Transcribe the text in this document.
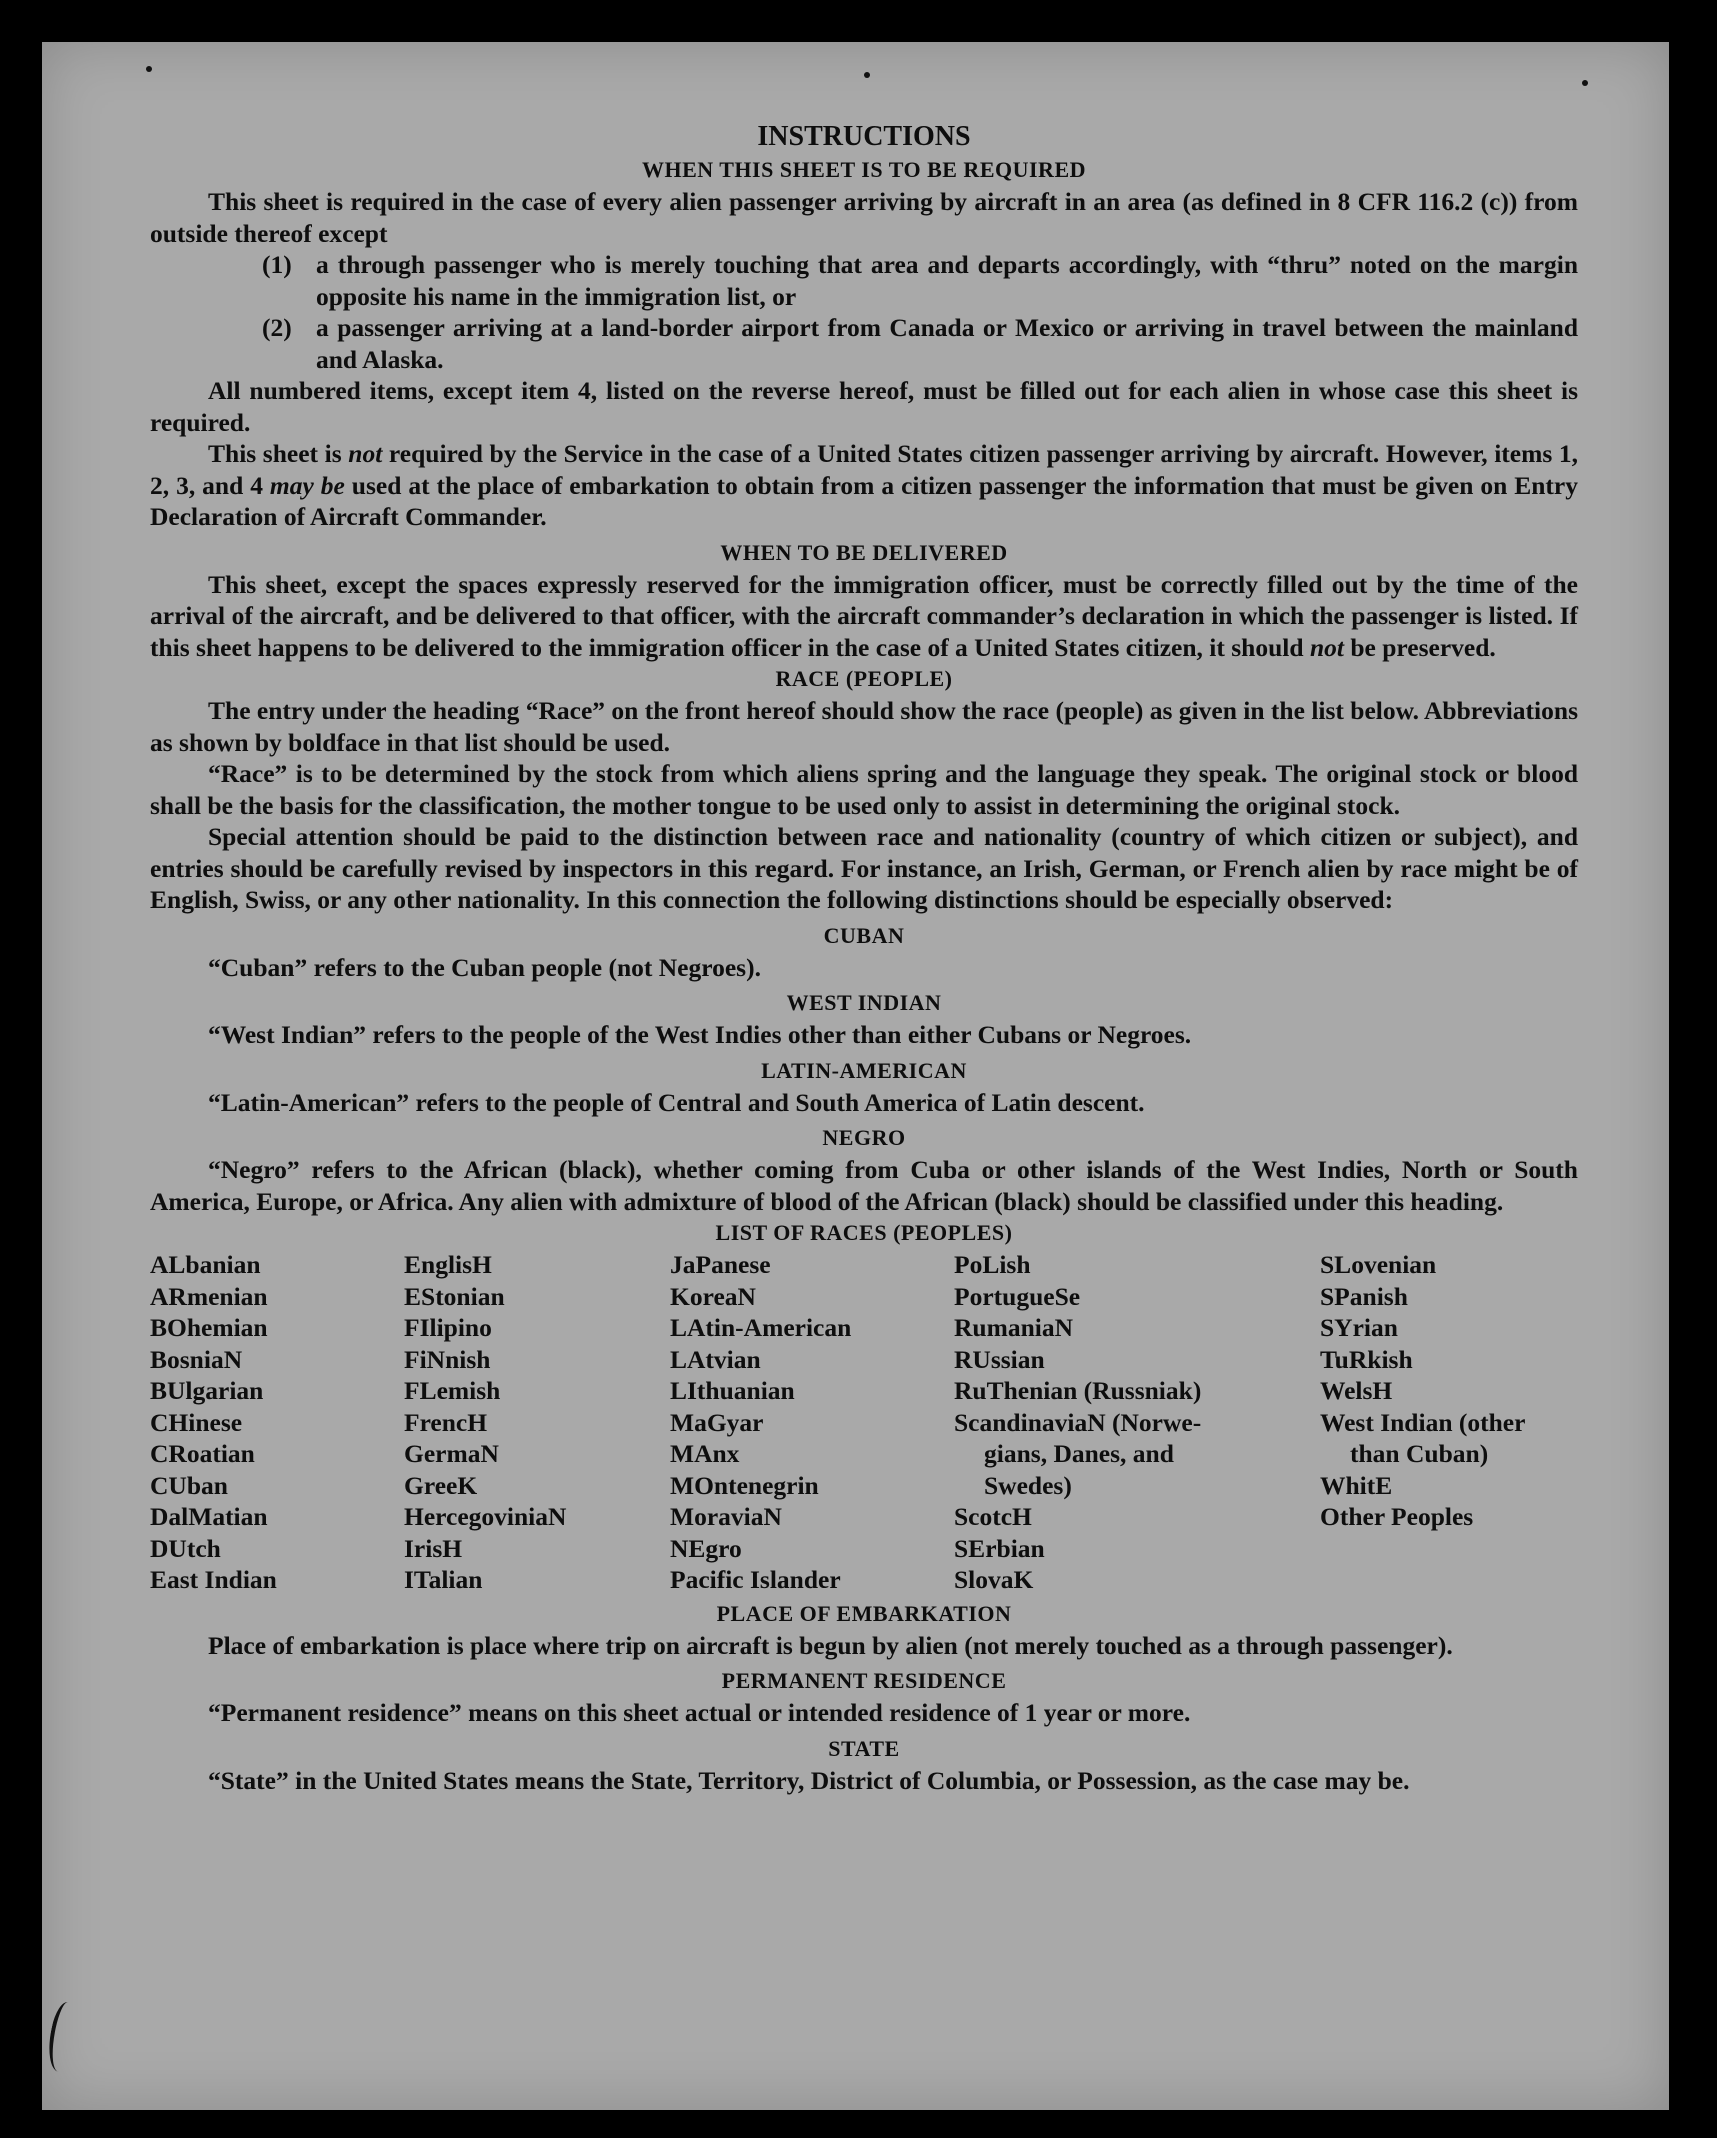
INSTRUCTIONS
WHEN THIS SHEET IS TO BE REQUIRED

This sheet is required in the case of every alien passenger arriving by aircraft in an area (as defined in 8 CFR 116.2 (c)) from outside thereof except

(1) a through passenger who is merely touching that area and departs accordingly, with “thru” noted on the margin opposite his name in the immigration list, or
(2) a passenger arriving at a land-border airport from Canada or Mexico or arriving in travel between the mainland and Alaska.

All numbered items, except item 4, listed on the reverse hereof, must be filled out for each alien in whose case this sheet is required.

This sheet is not required by the Service in the case of a United States citizen passenger arriving by aircraft. However, items 1, 2, 3, and 4 may be used at the place of embarkation to obtain from a citizen passenger the information that must be given on Entry Declaration of Aircraft Commander.

WHEN TO BE DELIVERED

This sheet, except the spaces expressly reserved for the immigration officer, must be correctly filled out by the time of the arrival of the aircraft, and be delivered to that officer, with the aircraft commander’s declaration in which the passenger is listed. If this sheet happens to be delivered to the immigration officer in the case of a United States citizen, it should not be preserved.

RACE (PEOPLE)

The entry under the heading “Race” on the front hereof should show the race (people) as given in the list below. Abbreviations as shown by boldface in that list should be used.

“Race” is to be determined by the stock from which aliens spring and the language they speak. The original stock or blood shall be the basis for the classification, the mother tongue to be used only to assist in determining the original stock.

Special attention should be paid to the distinction between race and nationality (country of which citizen or subject), and entries should be carefully revised by inspectors in this regard. For instance, an Irish, German, or French alien by race might be of English, Swiss, or any other nationality. In this connection the following distinctions should be especially observed:

CUBAN

“Cuban” refers to the Cuban people (not Negroes).

WEST INDIAN

“West Indian” refers to the people of the West Indies other than either Cubans or Negroes.

LATIN-AMERICAN

“Latin-American” refers to the people of Central and South America of Latin descent.

NEGRO

“Negro” refers to the African (black), whether coming from Cuba or other islands of the West Indies, North or South America, Europe, or Africa. Any alien with admixture of blood of the African (black) should be classified under this heading.

LIST OF RACES (PEOPLES)
ALbanian
ARmenian
BOhemian
BosniaN
BUlgarian
CHinese
CRoatian
CUban
DalMatian
DUtch
East Indian
EnglisH
EStonian
FIlipino
FiNnish
FLemish
FrencH
GermaN
GreeK
HercegoviniaN
IrisH
ITalian
JaPanese
KoreaN
LAtin-American
LAtvian
LIthuanian
MaGyar
MAnx
MOntenegrin
MoraviaN
NEgro
Pacific Islander
PoLish
PortugueSe
RumaniaN
RUssian
RuThenian (Russniak)
ScandinaviaN (Norwe-
gians, Danes, and
Swedes)
ScotcH
SErbian
SlovaK
SLovenian
SPanish
SYrian
TuRkish
WelsH
West Indian (other
than Cuban)
WhitE
Other Peoples
PLACE OF EMBARKATION

Place of embarkation is place where trip on aircraft is begun by alien (not merely touched as a through passenger).

PERMANENT RESIDENCE

“Permanent residence” means on this sheet actual or intended residence of 1 year or more.

STATE

“State” in the United States means the State, Territory, District of Columbia, or Possession, as the case may be.
